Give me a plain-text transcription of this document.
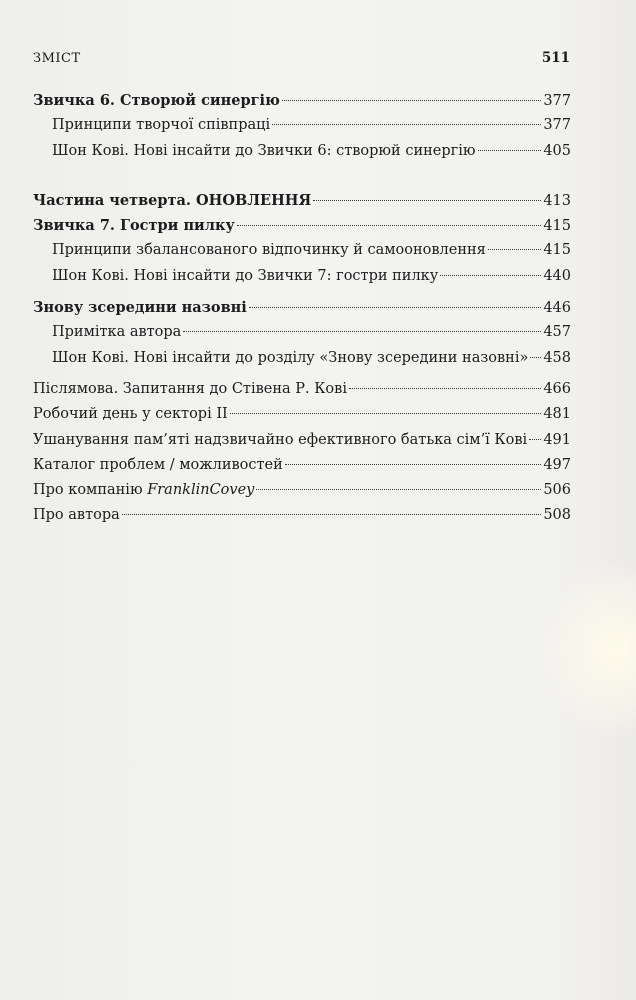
ЗМІСТ	511
Звичка 6. Створюй синергію	377
Принципи творчої співпраці	377
Шон Кові. Нові інсайти до Звички 6: створюй синергію	405
Частина четверта. ОНОВЛЕННЯ	413
Звичка 7. Гостри пилку	415
Принципи збалансованого відпочинку й самооновлення	415
Шон Кові. Нові інсайти до Звички 7: гостри пилку	440
Знову зсередини назовні	446
Примітка автора	457
Шон Кові. Нові інсайти до розділу «Знову зсередини назовні» 458
Післямова. Запитання до Стівена Р. Кові	466
Робочий день у секторі II	481
Ушанування пам’яті надзвичайно ефективного батька сім’ї Кові 491
Каталог проблем / можливостей	497
Про компанію FranklinCovey	506
Про автора	508
